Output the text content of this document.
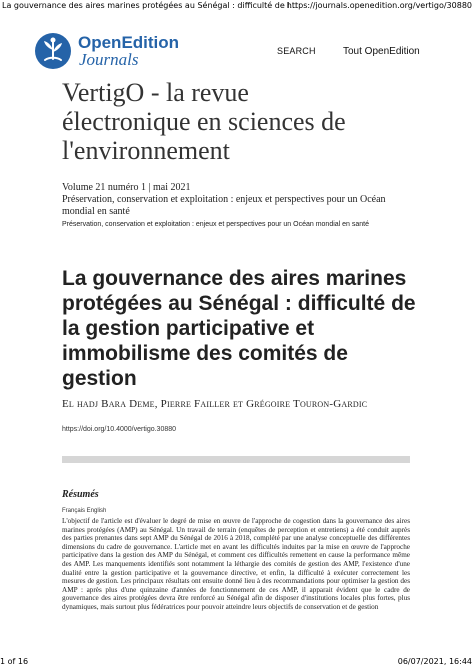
La gouvernance des aires marines protégées au Sénégal : difficulté de l...
https://journals.openedition.org/vertigo/30880
OpenEdition
Journals	SEARCH	Tout OpenEdition
VertigO - la revue électronique en sciences de l'environnement
Volume 21 numéro 1 | mai 2021
Préservation, conservation et exploitation : enjeux et perspectives pour un Océan mondial en santé
Préservation, conservation et exploitation : enjeux et perspectives pour un Océan mondial en santé
La gouvernance des aires marines protégées au Sénégal : difficulté de la gestion participative et immobilisme des comités de gestion
El hadj Bara Deme, Pierre Failler et Grégoire Touron-Gardic
https://doi.org/10.4000/vertigo.30880
Résumés
Français English
L'objectif de l'article est d'évaluer le degré de mise en œuvre de l'approche de cogestion dans la gouvernance des aires marines protégées (AMP) au Sénégal. Un travail de terrain (enquêtes de perception et entretiens) a été conduit auprès des parties prenantes dans sept AMP du Sénégal de 2016 à 2018, complété par une analyse conceptuelle des différentes dimensions du cadre de gouvernance. L'article met en avant les difficultés induites par la mise en œuvre de l'approche participative dans la gestion des AMP du Sénégal, et comment ces difficultés remettent en cause la performance même des AMP. Les manquements identifiés sont notamment la léthargie des comités de gestion des AMP, l'existence d'une dualité entre la gestion participative et la gouvernance directive, et enfin, la difficulté à exécuter correctement les mesures de gestion. Les principaux résultats ont ensuite donné lieu à des recommandations pour optimiser la gestion des AMP : après plus d'une quinzaine d'années de fonctionnement de ces AMP, il apparait évident que le cadre de gouvernance des aires protégées devra être renforcé au Sénégal afin de disposer d'institutions locales plus fortes, plus dynamiques, mais surtout plus fédératrices pour pouvoir atteindre leurs objectifs de conservation et de gestion
1 of 16	06/07/2021, 16:44
